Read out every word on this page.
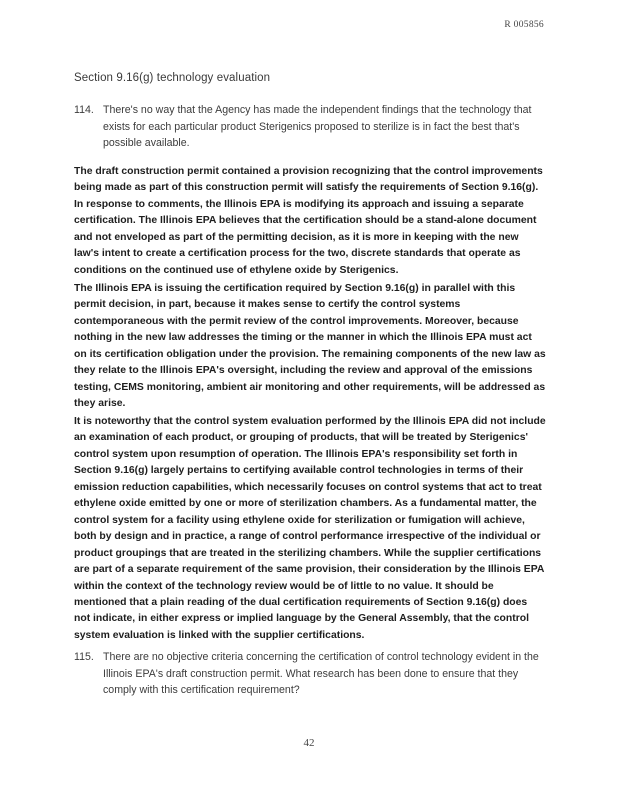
R 005856
Section 9.16(g) technology evaluation
114. There's no way that the Agency has made the independent findings that the technology that exists for each particular product Sterigenics proposed to sterilize is in fact the best that's possible available.
The draft construction permit contained a provision recognizing that the control improvements being made as part of this construction permit will satisfy the requirements of Section 9.16(g). In response to comments, the Illinois EPA is modifying its approach and issuing a separate certification. The Illinois EPA believes that the certification should be a stand-alone document and not enveloped as part of the permitting decision, as it is more in keeping with the new law's intent to create a certification process for the two, discrete standards that operate as conditions on the continued use of ethylene oxide by Sterigenics.
The Illinois EPA is issuing the certification required by Section 9.16(g) in parallel with this permit decision, in part, because it makes sense to certify the control systems contemporaneous with the permit review of the control improvements. Moreover, because nothing in the new law addresses the timing or the manner in which the Illinois EPA must act on its certification obligation under the provision. The remaining components of the new law as they relate to the Illinois EPA's oversight, including the review and approval of the emissions testing, CEMS monitoring, ambient air monitoring and other requirements, will be addressed as they arise.
It is noteworthy that the control system evaluation performed by the Illinois EPA did not include an examination of each product, or grouping of products, that will be treated by Sterigenics' control system upon resumption of operation. The Illinois EPA's responsibility set forth in Section 9.16(g) largely pertains to certifying available control technologies in terms of their emission reduction capabilities, which necessarily focuses on control systems that act to treat ethylene oxide emitted by one or more of sterilization chambers. As a fundamental matter, the control system for a facility using ethylene oxide for sterilization or fumigation will achieve, both by design and in practice, a range of control performance irrespective of the individual or product groupings that are treated in the sterilizing chambers. While the supplier certifications are part of a separate requirement of the same provision, their consideration by the Illinois EPA within the context of the technology review would be of little to no value. It should be mentioned that a plain reading of the dual certification requirements of Section 9.16(g) does not indicate, in either express or implied language by the General Assembly, that the control system evaluation is linked with the supplier certifications.
115. There are no objective criteria concerning the certification of control technology evident in the Illinois EPA's draft construction permit. What research has been done to ensure that they comply with this certification requirement?
42
